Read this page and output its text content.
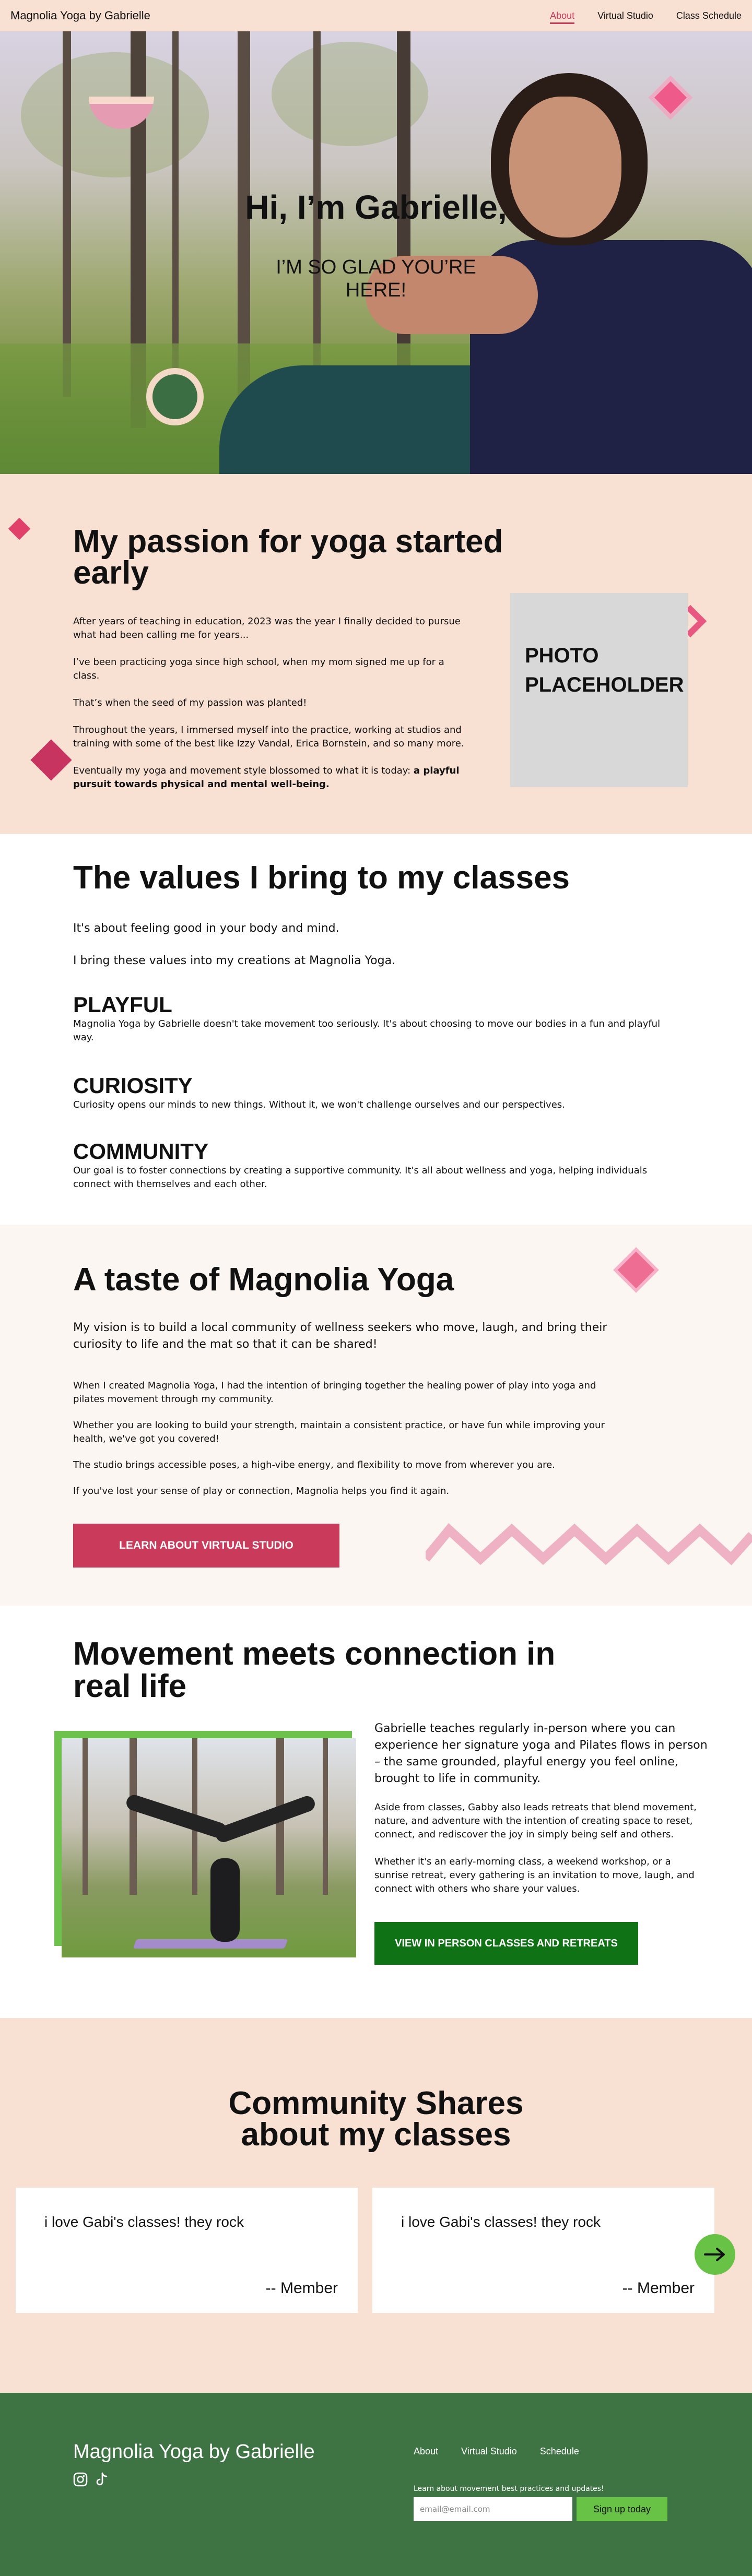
Magnolia Yoga by Gabrielle	About Virtual Studio Class Schedule
Hi, I’m Gabrielle,

I’M SO GLAD YOU’RE HERE!

My passion for yoga started early

After years of teaching in education, 2023 was the year I finally decided to pursue what had been calling me for years...

I’ve been practicing yoga since high school, when my mom signed me up for a class.

That’s when the seed of my passion was planted!

Throughout the years, I immersed myself into the practice, working at studios and training with some of the best like Izzy Vandal, Erica Bornstein, and so many more.

Eventually my yoga and movement style blossomed to what it is today: a playful pursuit towards physical and mental well-being.

PHOTO PLACEHOLDER
The values I bring to my classes

It's about feeling good in your body and mind.

I bring these values into my creations at Magnolia Yoga.

PLAYFUL

Magnolia Yoga by Gabrielle doesn't take movement too seriously. It's about choosing to move our bodies in a fun and playful way.

CURIOSITY

Curiosity opens our minds to new things. Without it, we won't challenge ourselves and our perspectives.

COMMUNITY

Our goal is to foster connections by creating a supportive community. It's all about wellness and yoga, helping individuals connect with themselves and each other.

A taste of Magnolia Yoga

My vision is to build a local community of wellness seekers who move, laugh, and bring their curiosity to life and the mat so that it can be shared!

When I created Magnolia Yoga, I had the intention of bringing together the healing power of play into yoga and pilates movement through my community.

Whether you are looking to build your strength, maintain a consistent practice, or have fun while improving your health, we've got you covered!

The studio brings accessible poses, a high-vibe energy, and flexibility to move from wherever you are.

If you've lost your sense of play or connection, Magnolia helps you find it again.

LEARN ABOUT VIRTUAL STUDIO
Movement meets connection in real life

Gabrielle teaches regularly in-person where you can experience her signature yoga and Pilates flows in person – the same grounded, playful energy you feel online, brought to life in community.

Aside from classes, Gabby also leads retreats that blend movement, nature, and adventure with the intention of creating space to reset, connect, and rediscover the joy in simply being self and others.

Whether it's an early-morning class, a weekend workshop, or a sunrise retreat, every gathering is an invitation to move, laugh, and connect with others who share your values.

VIEW IN PERSON CLASSES AND RETREATS
Community Shares about my classes

i love Gabi's classes! they rock

-- Member

i love Gabi's classes! they rock

-- Member

Magnolia Yoga by Gabrielle	About Virtual Studio Schedule

Learn about movement best practices and updates!

email@email.com
Sign up today
